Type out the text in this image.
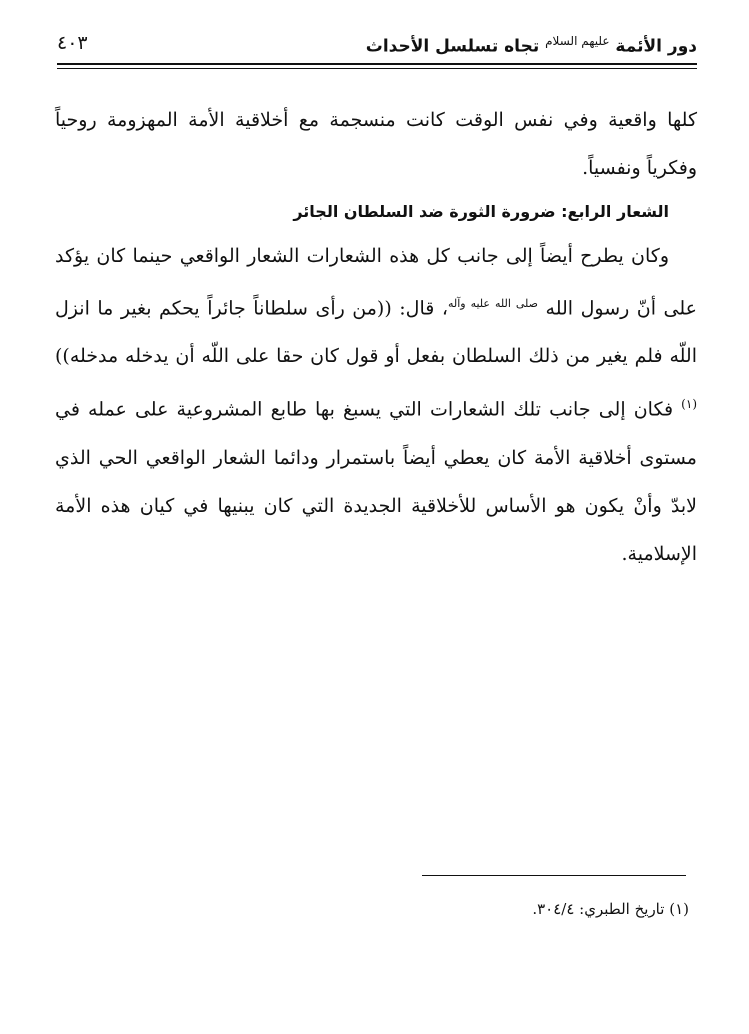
دور الأئمة $^{عليهم السلام}$ تجاه تسلسل الأحداث
٤٠٣

كلها واقعية وفي نفس الوقت كانت منسجمة مع أخلاقية الأمة المهزومة روحياً وفكرياً ونفسياً.

الشعار الرابع: ضرورة الثورة ضد السلطان الجائر

وكان يطرح أيضاً إلى جانب كل هذه الشعارات الشعار الواقعي حينما كان يؤكد على أنّ رسول الله $^{صلى الله عليه وآله}$، قال: ((من رأى سلطاناً جائراً يحكم بغير ما انزل اللّه فلم يغير من ذلك السلطان بفعل أو قول كان حقا على اللّه أن يدخله مدخله))$^{(١)}$ فكان إلى جانب تلك الشعارات التي يسبغ بها طابع المشروعية على عمله في مستوى أخلاقية الأمة كان يعطي أيضاً باستمرار ودائما الشعار الواقعي الحي الذي لابدّ وأنْ يكون هو الأساس للأخلاقية الجديدة التي كان يبنيها في كيان هذه الأمة الإسلامية.

(١) تاريخ الطبري: ٣٠٤/٤.
